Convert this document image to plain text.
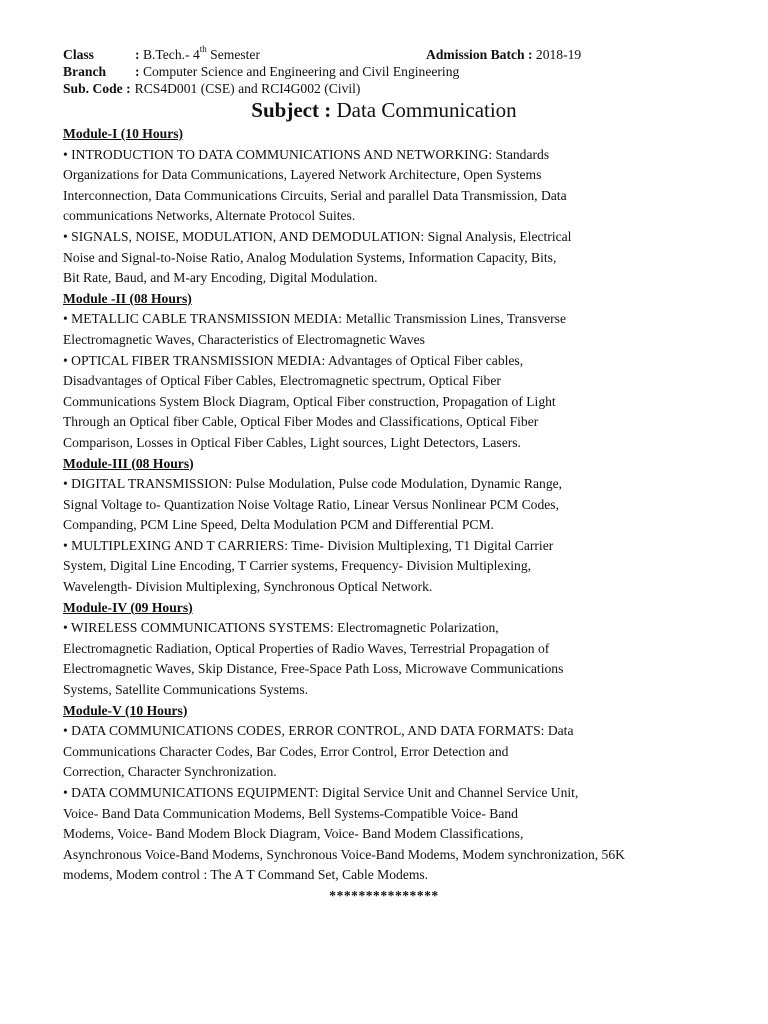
Class	: B.Tech.- 4th Semester	Admission Batch : 2018-19
Branch : Computer Science and Engineering and Civil Engineering
Sub. Code : RCS4D001 (CSE) and RCI4G002 (Civil)
Subject : Data Communication
Module-I (10 Hours)
• INTRODUCTION TO DATA COMMUNICATIONS AND NETWORKING: Standards
Organizations for Data Communications, Layered Network Architecture, Open Systems
Interconnection, Data Communications Circuits, Serial and parallel Data Transmission, Data
communications Networks, Alternate Protocol Suites.
• SIGNALS, NOISE, MODULATION, AND DEMODULATION: Signal Analysis, Electrical
Noise and Signal-to-Noise Ratio, Analog Modulation Systems, Information Capacity, Bits,
Bit Rate, Baud, and M-ary Encoding, Digital Modulation.
Module -II (08 Hours)
• METALLIC CABLE TRANSMISSION MEDIA: Metallic Transmission Lines, Transverse
Electromagnetic Waves, Characteristics of Electromagnetic Waves
• OPTICAL FIBER TRANSMISSION MEDIA: Advantages of Optical Fiber cables,
Disadvantages of Optical Fiber Cables, Electromagnetic spectrum, Optical Fiber
Communications System Block Diagram, Optical Fiber construction, Propagation of Light
Through an Optical fiber Cable, Optical Fiber Modes and Classifications, Optical Fiber
Comparison, Losses in Optical Fiber Cables, Light sources, Light Detectors, Lasers.
Module-III (08 Hours)
• DIGITAL TRANSMISSION: Pulse Modulation, Pulse code Modulation, Dynamic Range,
Signal Voltage to- Quantization Noise Voltage Ratio, Linear Versus Nonlinear PCM Codes,
Companding, PCM Line Speed, Delta Modulation PCM and Differential PCM.
• MULTIPLEXING AND T CARRIERS: Time- Division Multiplexing, T1 Digital Carrier
System, Digital Line Encoding, T Carrier systems, Frequency- Division Multiplexing,
Wavelength- Division Multiplexing, Synchronous Optical Network.
Module-IV (09 Hours)
• WIRELESS COMMUNICATIONS SYSTEMS: Electromagnetic Polarization,
Electromagnetic Radiation, Optical Properties of Radio Waves, Terrestrial Propagation of
Electromagnetic Waves, Skip Distance, Free-Space Path Loss, Microwave Communications
Systems, Satellite Communications Systems.
Module-V (10 Hours)
• DATA COMMUNICATIONS CODES, ERROR CONTROL, AND DATA FORMATS: Data
Communications Character Codes, Bar Codes, Error Control, Error Detection and
Correction, Character Synchronization.
• DATA COMMUNICATIONS EQUIPMENT: Digital Service Unit and Channel Service Unit,
Voice- Band Data Communication Modems, Bell Systems-Compatible Voice- Band
Modems, Voice- Band Modem Block Diagram, Voice- Band Modem Classifications,
Asynchronous Voice-Band Modems, Synchronous Voice-Band Modems, Modem synchronization, 56K
modems, Modem control : The A T Command Set, Cable Modems.
***************
